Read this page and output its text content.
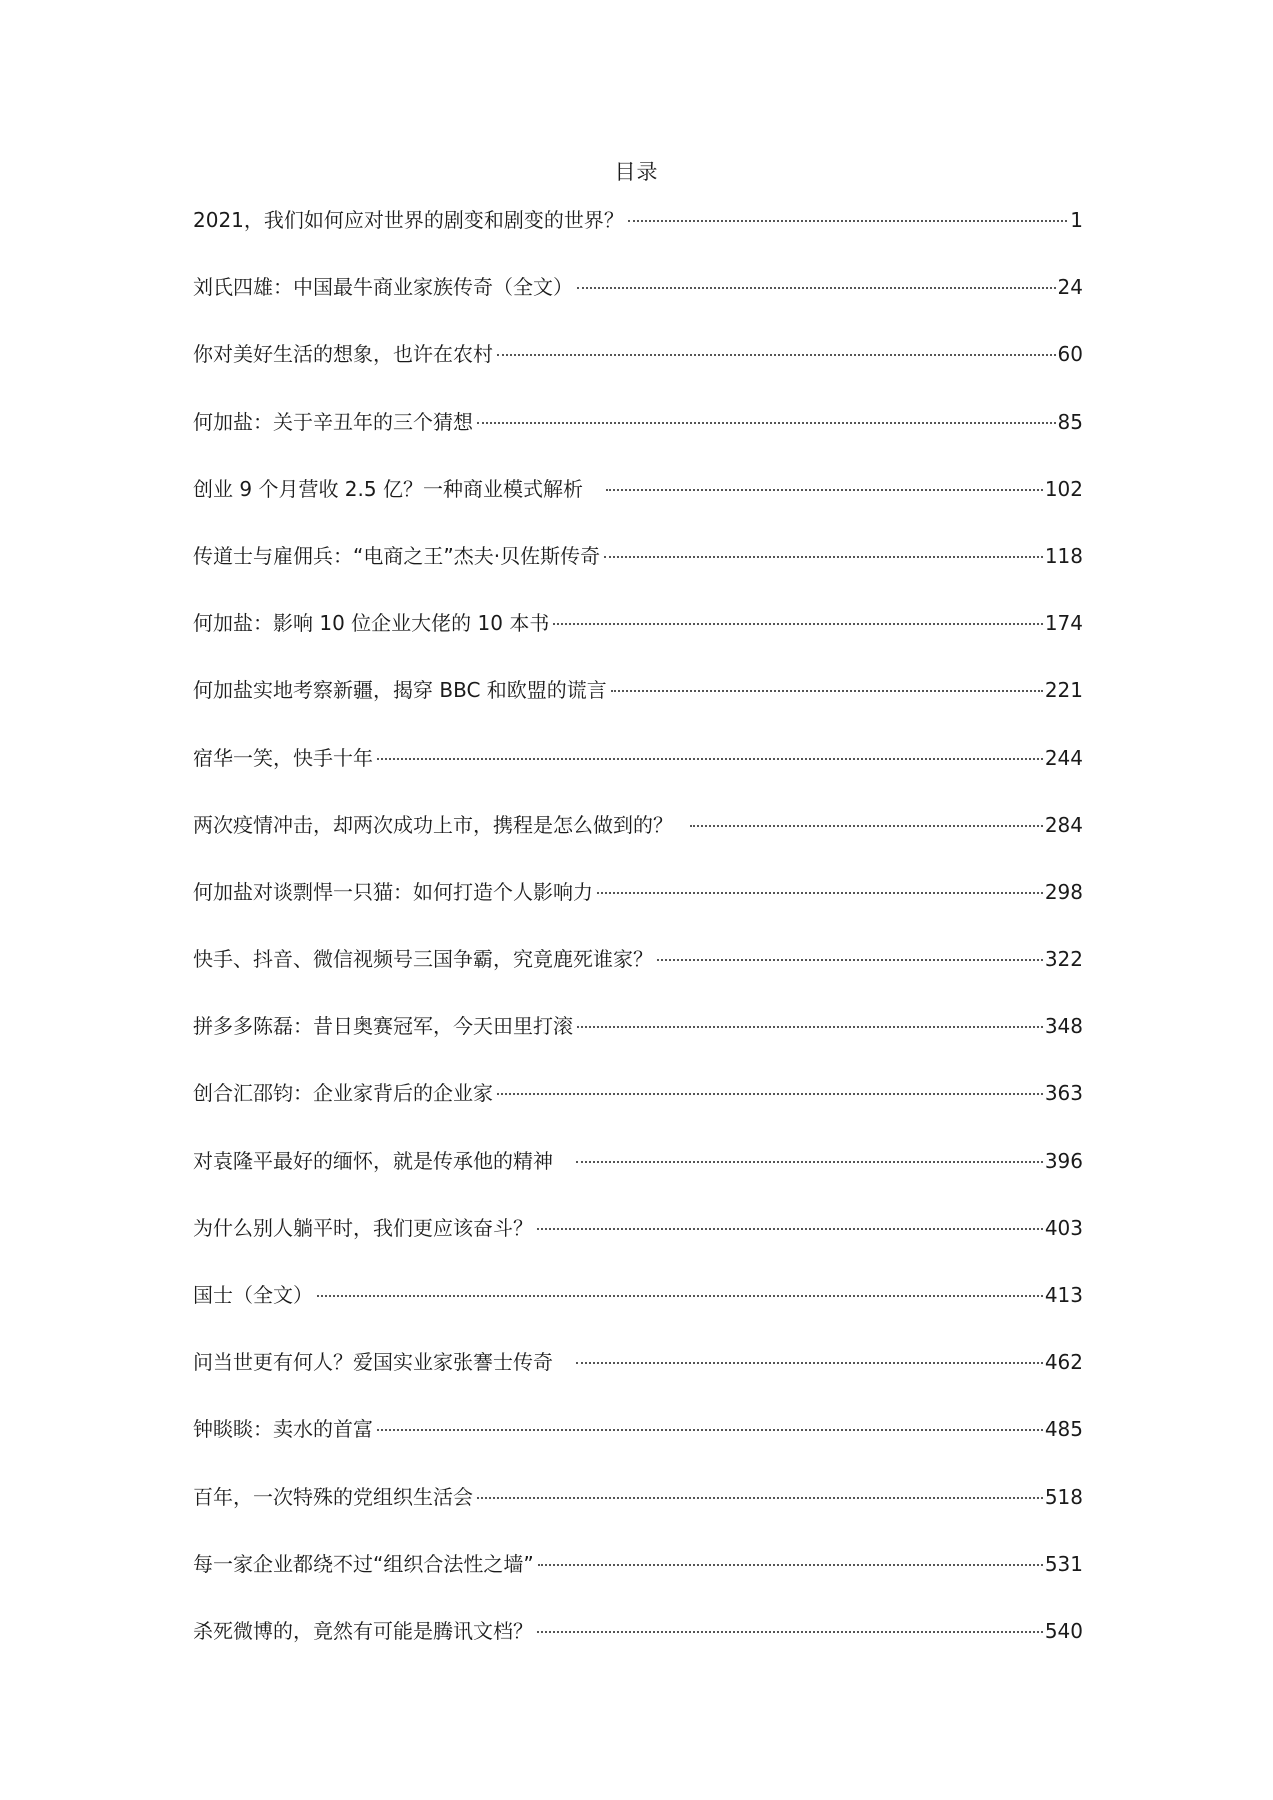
目录
2021，我们如何应对世界的剧变和剧变的世界？	1
刘氏四雄：中国最牛商业家族传奇（全文）	24
你对美好生活的想象，也许在农村	60
何加盐：关于辛丑年的三个猜想	85
创业 9 个月营收 2.5 亿？一种商业模式解析	102
传道士与雇佣兵：“电商之王”杰夫·贝佐斯传奇	118
何加盐：影响 10 位企业大佬的 10 本书	174
何加盐实地考察新疆，揭穿 BBC 和欧盟的谎言	221
宿华一笑，快手十年	244
两次疫情冲击，却两次成功上市，携程是怎么做到的？	284
何加盐对谈剽悍一只猫：如何打造个人影响力	298
快手、抖音、微信视频号三国争霸，究竟鹿死谁家？	322
拼多多陈磊：昔日奥赛冠军，今天田里打滚	348
创合汇邵钧：企业家背后的企业家	363
对袁隆平最好的缅怀，就是传承他的精神	396
为什么别人躺平时，我们更应该奋斗？	403
国士（全文）	413
问当世更有何人？爱国实业家张謇士传奇	462
钟睒睒：卖水的首富	485
百年，一次特殊的党组织生活会	518
每一家企业都绕不过“组织合法性之墙”	531
杀死微博的，竟然有可能是腾讯文档？	540
